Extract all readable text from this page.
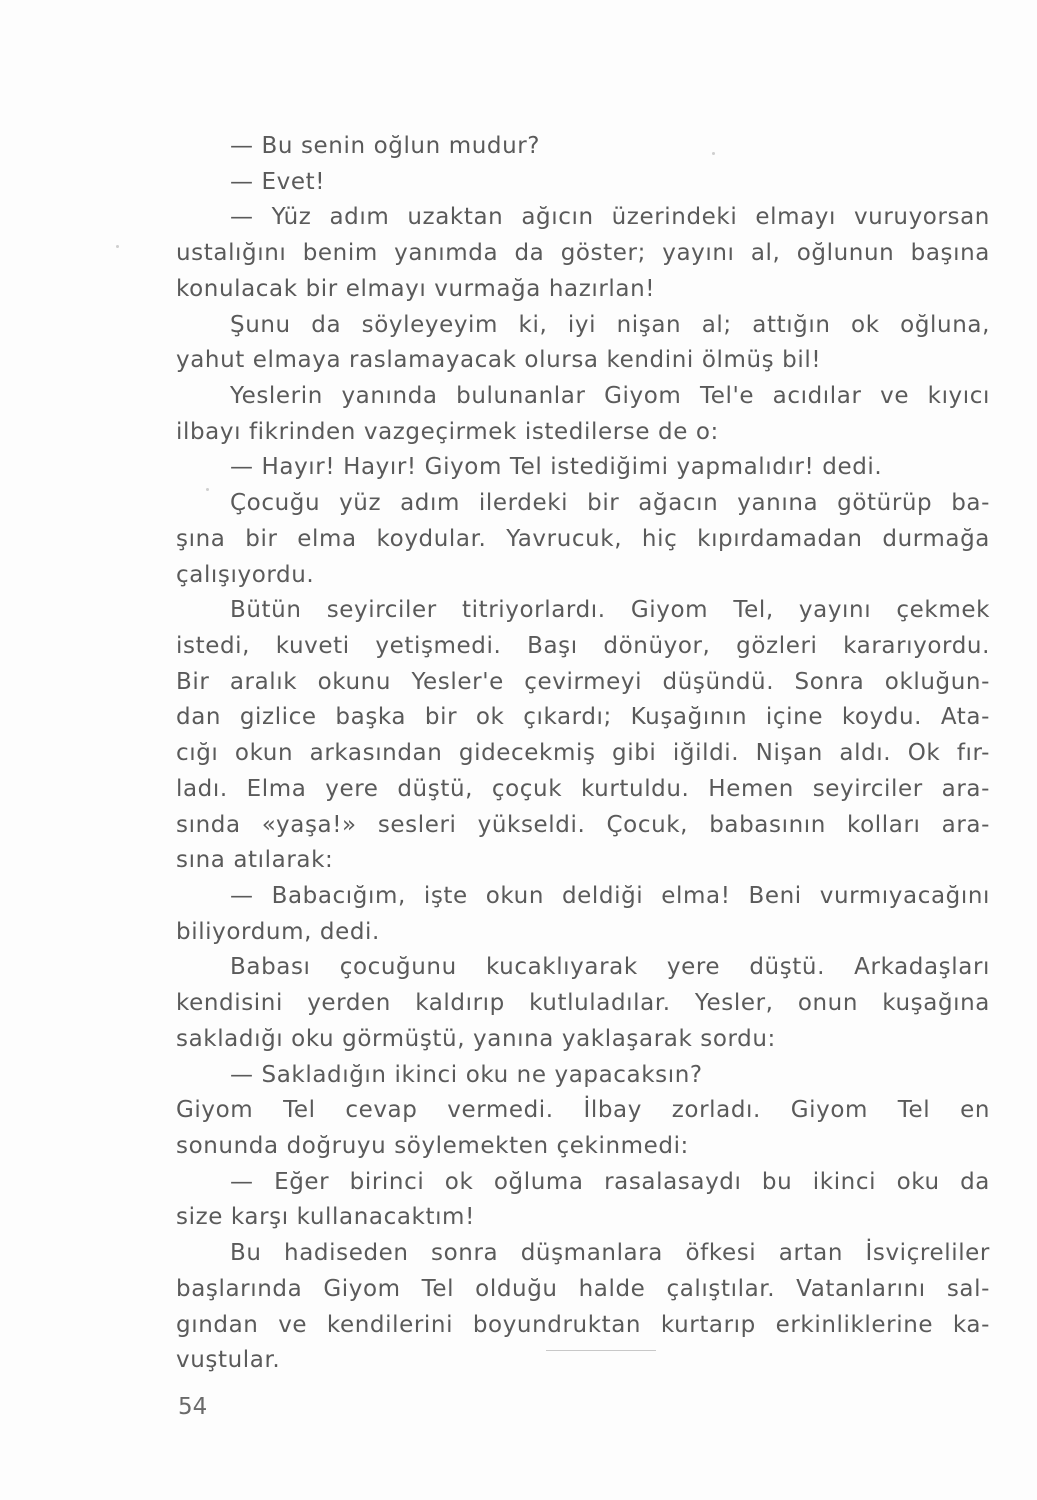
— Bu senin oğlun mudur?
— Evet!
— Yüz adım uzaktan ağıcın üzerindeki elmayı vuruyorsan
ustalığını benim yanımda da göster; yayını al, oğlunun başına
konulacak bir elmayı vurmağa hazırlan!
Şunu da söyleyeyim ki, iyi nişan al; attığın ok oğluna,
yahut elmaya raslamayacak olursa kendini ölmüş bil!
Yeslerin yanında bulunanlar Giyom Tel'e acıdılar ve kıyıcı
ilbayı fikrinden vazgeçirmek istedilerse de o:
— Hayır! Hayır! Giyom Tel istediğimi yapmalıdır! dedi.
Çocuğu yüz adım ilerdeki bir ağacın yanına götürüp ba-
şına bir elma koydular. Yavrucuk, hiç kıpırdamadan durmağa
çalışıyordu.
Bütün seyirciler titriyorlardı. Giyom Tel, yayını çekmek
istedi, kuveti yetişmedi. Başı dönüyor, gözleri kararıyordu.
Bir aralık okunu Yesler'e çevirmeyi düşündü. Sonra okluğun-
dan gizlice başka bir ok çıkardı; Kuşağının içine koydu. Ata-
cığı okun arkasından gidecekmiş gibi iğildi. Nişan aldı. Ok fır-
ladı. Elma yere düştü, çoçuk kurtuldu. Hemen seyirciler ara-
sında «yaşa!» sesleri yükseldi. Çocuk, babasının kolları ara-
sına atılarak:
— Babacığım, işte okun deldiği elma! Beni vurmıyacağını
biliyordum, dedi.
Babası çocuğunu kucaklıyarak yere düştü. Arkadaşları
kendisini yerden kaldırıp kutluladılar. Yesler, onun kuşağına
sakladığı oku görmüştü, yanına yaklaşarak sordu:
— Sakladığın ikinci oku ne yapacaksın?
Giyom Tel cevap vermedi. İlbay zorladı. Giyom Tel en
sonunda doğruyu söylemekten çekinmedi:
— Eğer birinci ok oğluma rasalasaydı bu ikinci oku da
size karşı kullanacaktım!
Bu hadiseden sonra düşmanlara öfkesi artan İsviçreliler
başlarında Giyom Tel olduğu halde çalıştılar. Vatanlarını sal-
gından ve kendilerini boyundruktan kurtarıp erkinliklerine ka-
vuştular.
54
